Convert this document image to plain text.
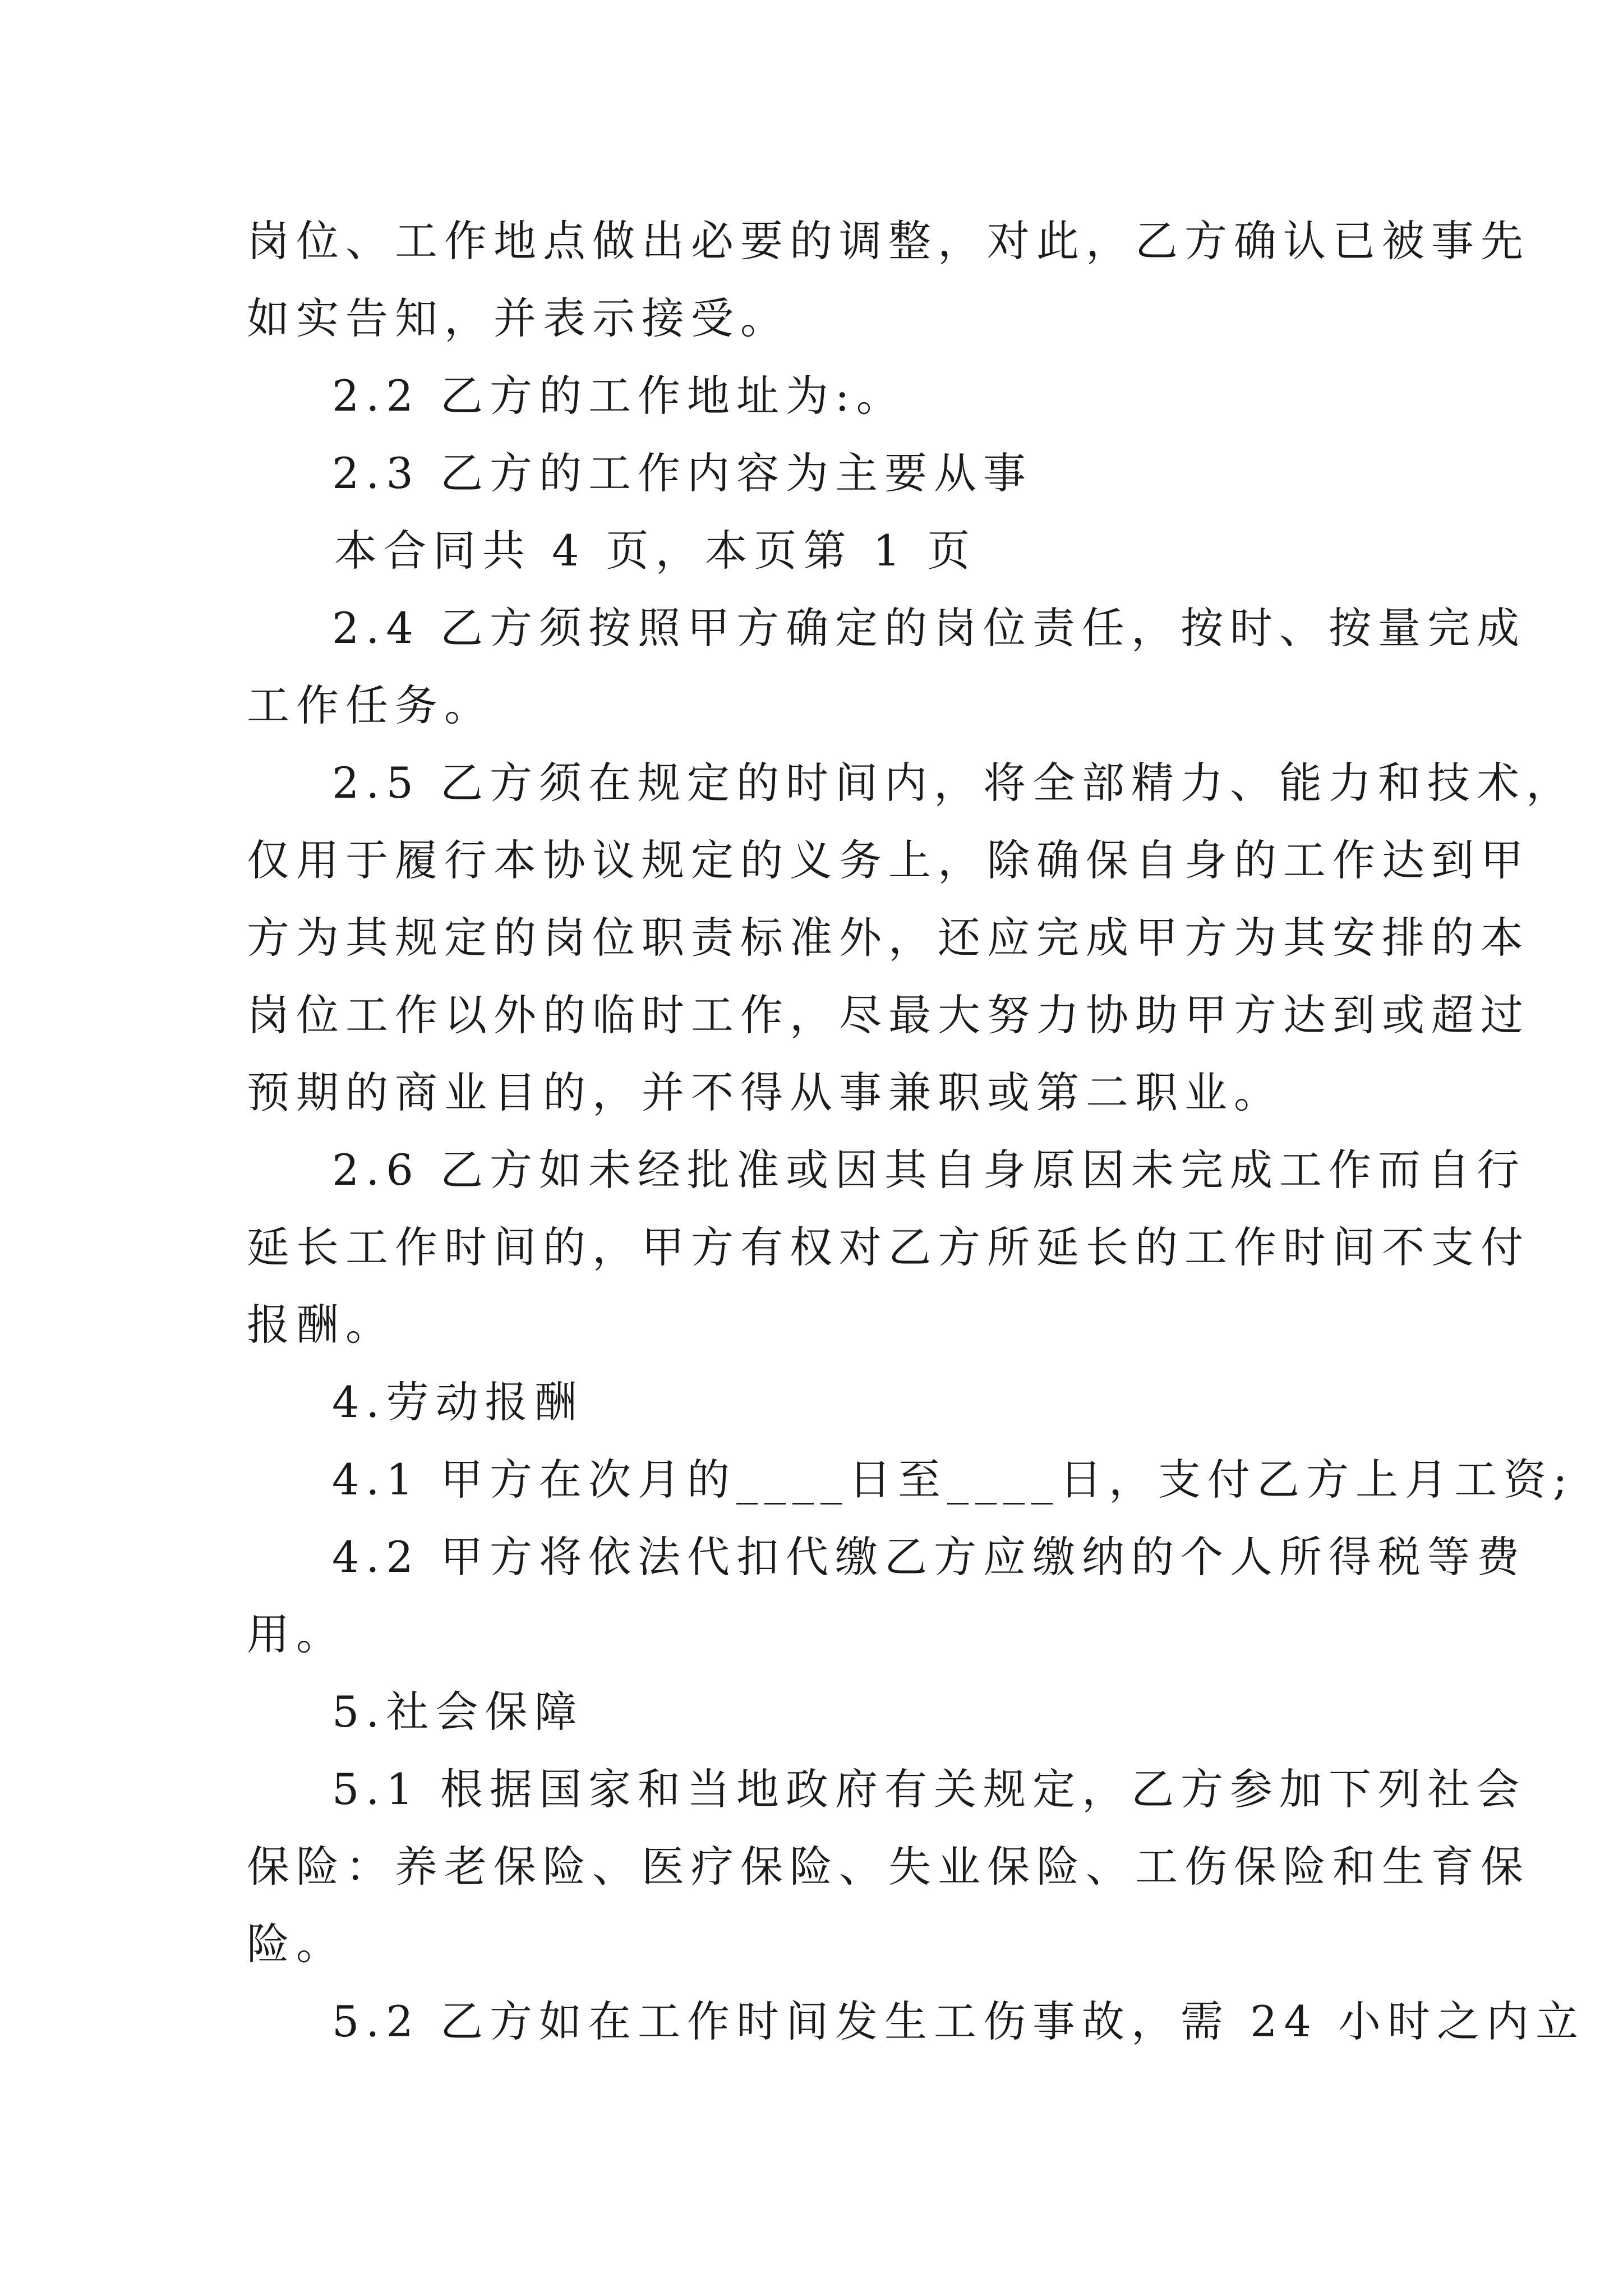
岗位、工作地点做出必要的调整，对此，乙方确认已被事先
如实告知，并表示接受。
2.2 乙方的工作地址为:。
2.3 乙方的工作内容为主要从事
本合同共 4 页，本页第 1 页
2.4 乙方须按照甲方确定的岗位责任，按时、按量完成
工作任务。
2.5 乙方须在规定的时间内，将全部精力、能力和技术，
仅用于履行本协议规定的义务上，除确保自身的工作达到甲
方为其规定的岗位职责标准外，还应完成甲方为其安排的本
岗位工作以外的临时工作，尽最大努力协助甲方达到或超过
预期的商业目的，并不得从事兼职或第二职业。
2.6 乙方如未经批准或因其自身原因未完成工作而自行
延长工作时间的，甲方有权对乙方所延长的工作时间不支付
报酬。
4.劳动报酬
4.1 甲方在次月的____日至____日，支付乙方上月工资;
4.2 甲方将依法代扣代缴乙方应缴纳的个人所得税等费
用。
5.社会保障
5.1 根据国家和当地政府有关规定，乙方参加下列社会
保险：养老保险、医疗保险、失业保险、工伤保险和生育保
险。
5.2 乙方如在工作时间发生工伤事故，需 24 小时之内立
